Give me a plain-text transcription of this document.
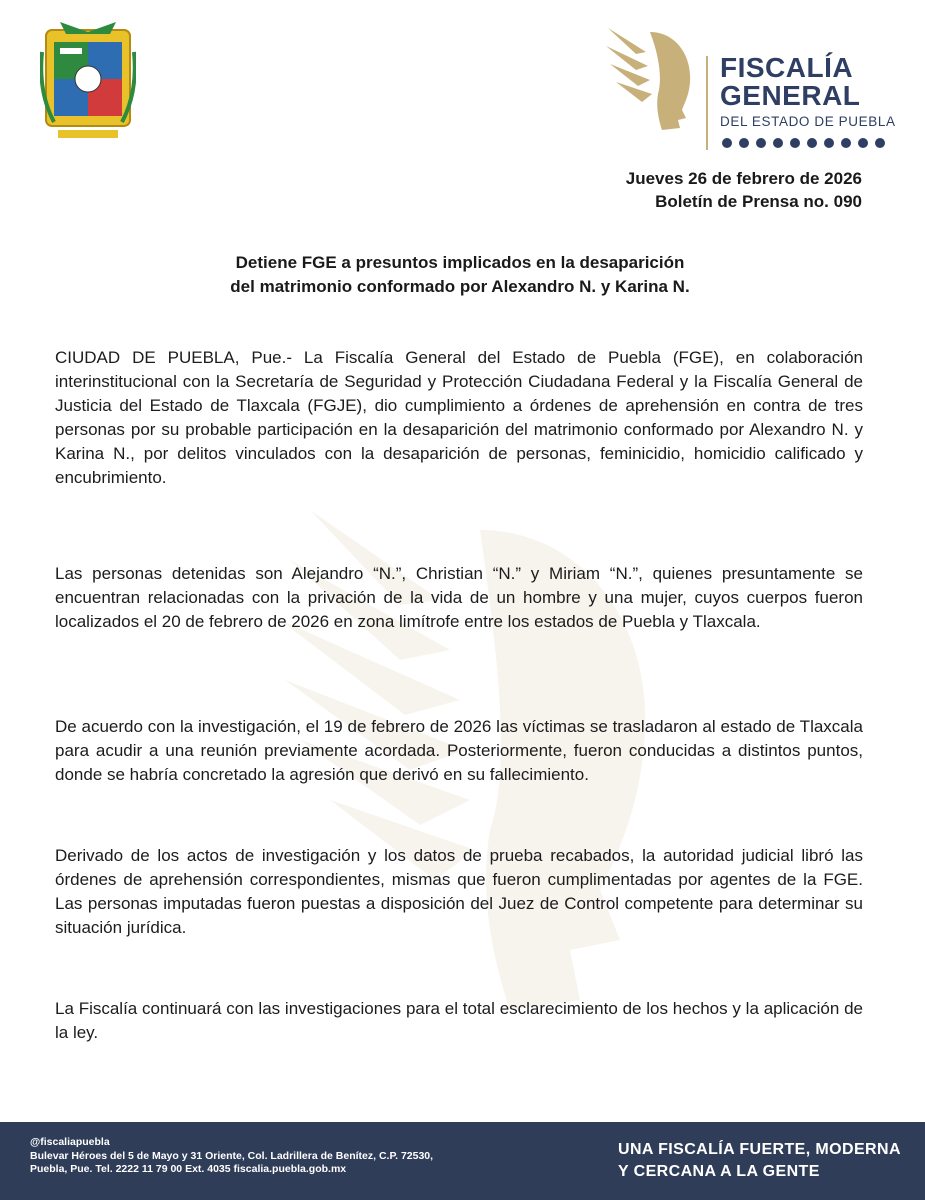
FISCALÍA
GENERAL
DEL ESTADO DE PUEBLA
Jueves 26 de febrero de 2026
Boletín de Prensa no. 090
Detiene FGE a presuntos implicados en la desaparición
del matrimonio conformado por Alexandro N. y Karina N.

CIUDAD DE PUEBLA, Pue.- La Fiscalía General del Estado de Puebla (FGE), en colaboración interinstitucional con la Secretaría de Seguridad y Protección Ciudadana Federal y la Fiscalía General de Justicia del Estado de Tlaxcala (FGJE), dio cumplimiento a órdenes de aprehensión en contra de tres personas por su probable participación en la desaparición del matrimonio conformado por Alexandro N. y Karina N., por delitos vinculados con la desaparición de personas, feminicidio, homicidio calificado y encubrimiento.

Las personas detenidas son Alejandro “N.”, Christian “N.” y Miriam “N.”, quienes presuntamente se encuentran relacionadas con la privación de la vida de un hombre y una mujer, cuyos cuerpos fueron localizados el 20 de febrero de 2026 en zona limítrofe entre los estados de Puebla y Tlaxcala.

De acuerdo con la investigación, el 19 de febrero de 2026 las víctimas se trasladaron al estado de Tlaxcala para acudir a una reunión previamente acordada. Posteriormente, fueron conducidas a distintos puntos, donde se habría concretado la agresión que derivó en su fallecimiento.

Derivado de los actos de investigación y los datos de prueba recabados, la autoridad judicial libró las órdenes de aprehensión correspondientes, mismas que fueron cumplimentadas por agentes de la FGE. Las personas imputadas fueron puestas a disposición del Juez de Control competente para determinar su situación jurídica.

La Fiscalía continuará con las investigaciones para el total esclarecimiento de los hechos y la aplicación de la ley.

@fiscaliapuebla
Bulevar Héroes del 5 de Mayo y 31 Oriente, Col. Ladrillera de Benítez, C.P. 72530,
Puebla, Pue. Tel. 2222 11 79 00 Ext. 4035 fiscalia.puebla.gob.mx
UNA FISCALÍA FUERTE, MODERNA
Y CERCANA A LA GENTE
